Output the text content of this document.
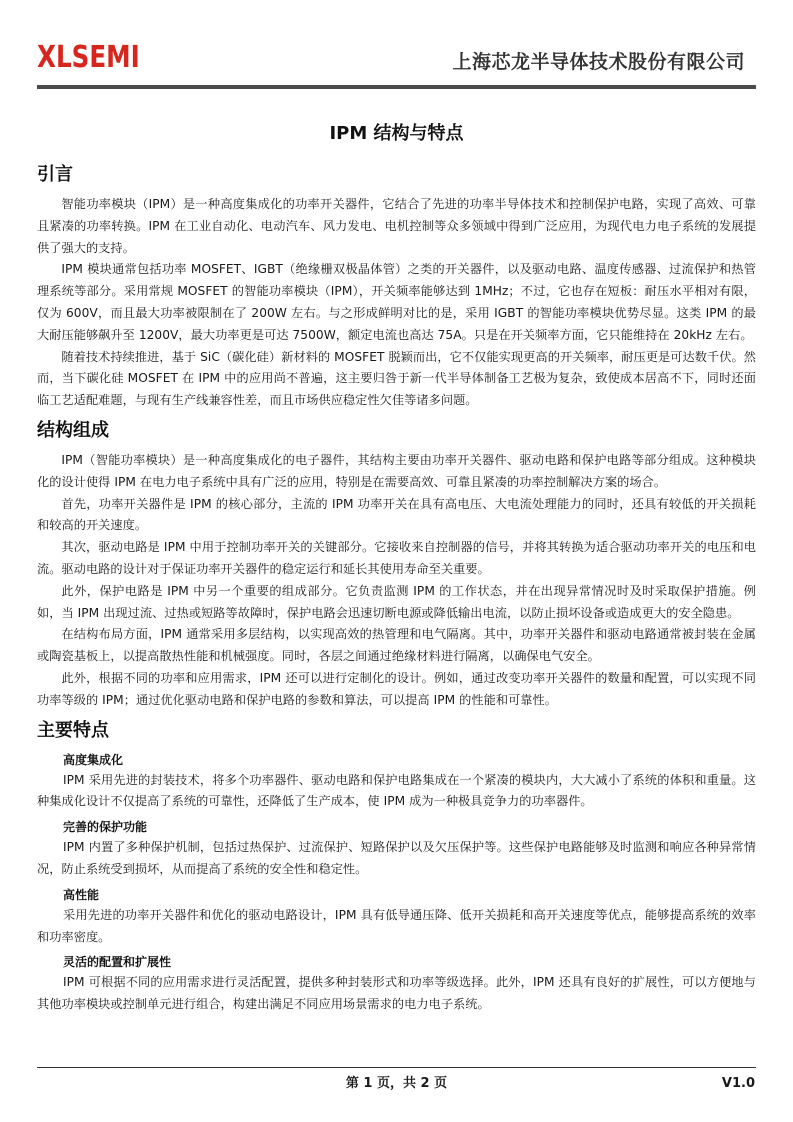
XLSEMI	上海芯龙半导体技术股份有限公司
IPM 结构与特点
引言

智能功率模块（IPM）是一种高度集成化的功率开关器件，它结合了先进的功率半导体技术和控制保护电路，实现了高效、可靠且紧凑的功率转换。IPM 在工业自动化、电动汽车、风力发电、电机控制等众多领域中得到广泛应用，为现代电力电子系统的发展提供了强大的支持。

IPM 模块通常包括功率 MOSFET、IGBT（绝缘栅双极晶体管）之类的开关器件，以及驱动电路、温度传感器、过流保护和热管理系统等部分。采用常规 MOSFET 的智能功率模块（IPM），开关频率能够达到 1MHz；不过，它也存在短板：耐压水平相对有限，仅为 600V，而且最大功率被限制在了 200W 左右。与之形成鲜明对比的是，采用 IGBT 的智能功率模块优势尽显。这类 IPM 的最大耐压能够飙升至 1200V，最大功率更是可达 7500W，额定电流也高达 75A。只是在开关频率方面，它只能维持在 20kHz 左右。

随着技术持续推进，基于 SiC（碳化硅）新材料的 MOSFET 脱颖而出，它不仅能实现更高的开关频率，耐压更是可达数千伏。然而，当下碳化硅 MOSFET 在 IPM 中的应用尚不普遍，这主要归咎于新一代半导体制备工艺极为复杂，致使成本居高不下，同时还面临工艺适配难题，与现有生产线兼容性差，而且市场供应稳定性欠佳等诸多问题。

结构组成

IPM（智能功率模块）是一种高度集成化的电子器件，其结构主要由功率开关器件、驱动电路和保护电路等部分组成。这种模块化的设计使得 IPM 在电力电子系统中具有广泛的应用，特别是在需要高效、可靠且紧凑的功率控制解决方案的场合。

首先，功率开关器件是 IPM 的核心部分，主流的 IPM 功率开关在具有高电压、大电流处理能力的同时，还具有较低的开关损耗和较高的开关速度。

其次，驱动电路是 IPM 中用于控制功率开关的关键部分。它接收来自控制器的信号，并将其转换为适合驱动功率开关的电压和电流。驱动电路的设计对于保证功率开关器件的稳定运行和延长其使用寿命至关重要。

此外，保护电路是 IPM 中另一个重要的组成部分。它负责监测 IPM 的工作状态，并在出现异常情况时及时采取保护措施。例如，当 IPM 出现过流、过热或短路等故障时，保护电路会迅速切断电源或降低输出电流，以防止损坏设备或造成更大的安全隐患。

在结构布局方面，IPM 通常采用多层结构，以实现高效的热管理和电气隔离。其中，功率开关器件和驱动电路通常被封装在金属或陶瓷基板上，以提高散热性能和机械强度。同时，各层之间通过绝缘材料进行隔离，以确保电气安全。

此外，根据不同的功率和应用需求，IPM 还可以进行定制化的设计。例如，通过改变功率开关器件的数量和配置，可以实现不同功率等级的 IPM；通过优化驱动电路和保护电路的参数和算法，可以提高 IPM 的性能和可靠性。

主要特点
高度集成化

IPM 采用先进的封装技术，将多个功率器件、驱动电路和保护电路集成在一个紧凑的模块内，大大减小了系统的体积和重量。这种集成化设计不仅提高了系统的可靠性，还降低了生产成本，使 IPM 成为一种极具竞争力的功率器件。

完善的保护功能

IPM 内置了多种保护机制，包括过热保护、过流保护、短路保护以及欠压保护等。这些保护电路能够及时监测和响应各种异常情况，防止系统受到损坏，从而提高了系统的安全性和稳定性。

高性能

采用先进的功率开关器件和优化的驱动电路设计，IPM 具有低导通压降、低开关损耗和高开关速度等优点，能够提高系统的效率和功率密度。

灵活的配置和扩展性

IPM 可根据不同的应用需求进行灵活配置，提供多种封装形式和功率等级选择。此外，IPM 还具有良好的扩展性，可以方便地与其他功率模块或控制单元进行组合，构建出满足不同应用场景需求的电力电子系统。

第 1 页，共 2 页	V1.0
